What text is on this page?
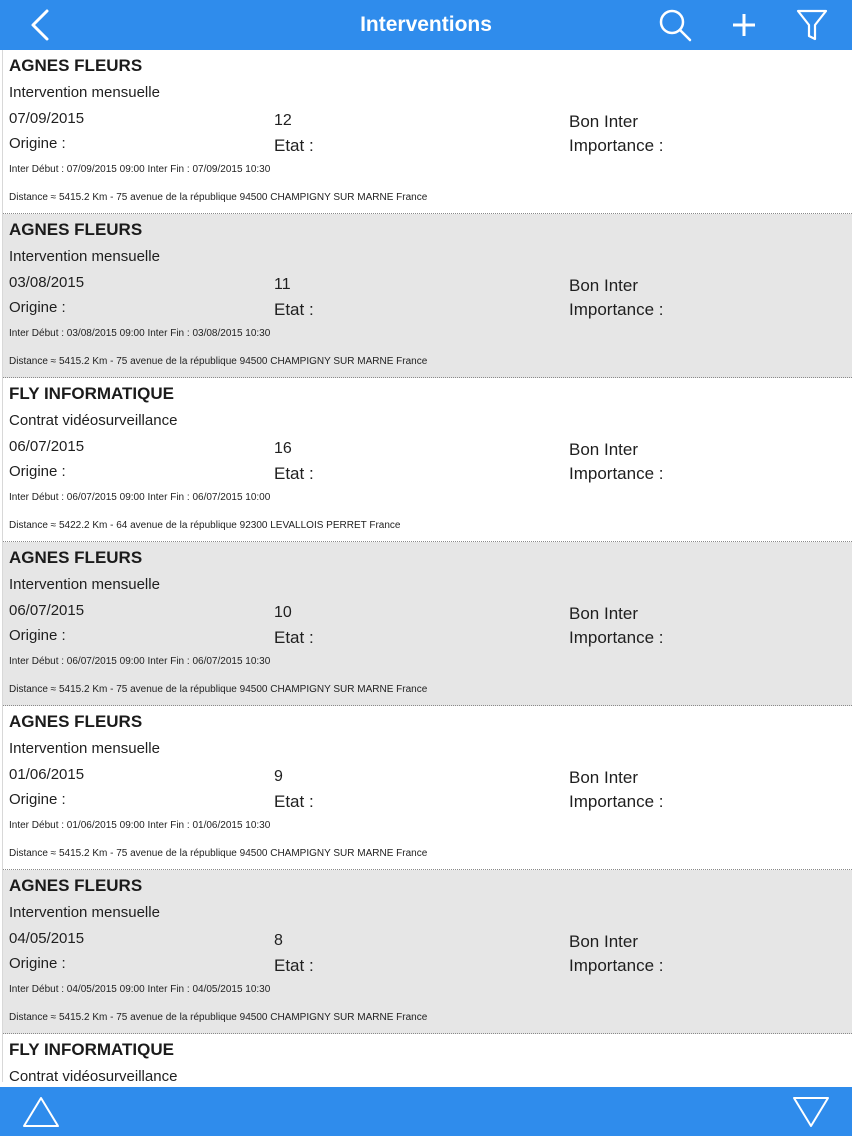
Interventions
AGNES FLEURS
Intervention mensuelle
07/09/2015	12	Bon Inter
Origine :	Etat :	Importance :
Inter Début : 07/09/2015 09:00 Inter Fin : 07/09/2015 10:30
Distance ≈ 5415.2 Km - 75 avenue de la république 94500 CHAMPIGNY SUR MARNE France
AGNES FLEURS
Intervention mensuelle
03/08/2015	11	Bon Inter
Origine :	Etat :	Importance :
Inter Début : 03/08/2015 09:00 Inter Fin : 03/08/2015 10:30
Distance ≈ 5415.2 Km - 75 avenue de la république 94500 CHAMPIGNY SUR MARNE France
FLY INFORMATIQUE
Contrat vidéosurveillance
06/07/2015	16	Bon Inter
Origine :	Etat :	Importance :
Inter Début : 06/07/2015 09:00 Inter Fin : 06/07/2015 10:00
Distance ≈ 5422.2 Km - 64 avenue de la république 92300 LEVALLOIS PERRET France
AGNES FLEURS
Intervention mensuelle
06/07/2015	10	Bon Inter
Origine :	Etat :	Importance :
Inter Début : 06/07/2015 09:00 Inter Fin : 06/07/2015 10:30
Distance ≈ 5415.2 Km - 75 avenue de la république 94500 CHAMPIGNY SUR MARNE France
AGNES FLEURS
Intervention mensuelle
01/06/2015	9	Bon Inter
Origine :	Etat :	Importance :
Inter Début : 01/06/2015 09:00 Inter Fin : 01/06/2015 10:30
Distance ≈ 5415.2 Km - 75 avenue de la république 94500 CHAMPIGNY SUR MARNE France
AGNES FLEURS
Intervention mensuelle
04/05/2015	8	Bon Inter
Origine :	Etat :	Importance :
Inter Début : 04/05/2015 09:00 Inter Fin : 04/05/2015 10:30
Distance ≈ 5415.2 Km - 75 avenue de la république 94500 CHAMPIGNY SUR MARNE France
FLY INFORMATIQUE
Contrat vidéosurveillance
